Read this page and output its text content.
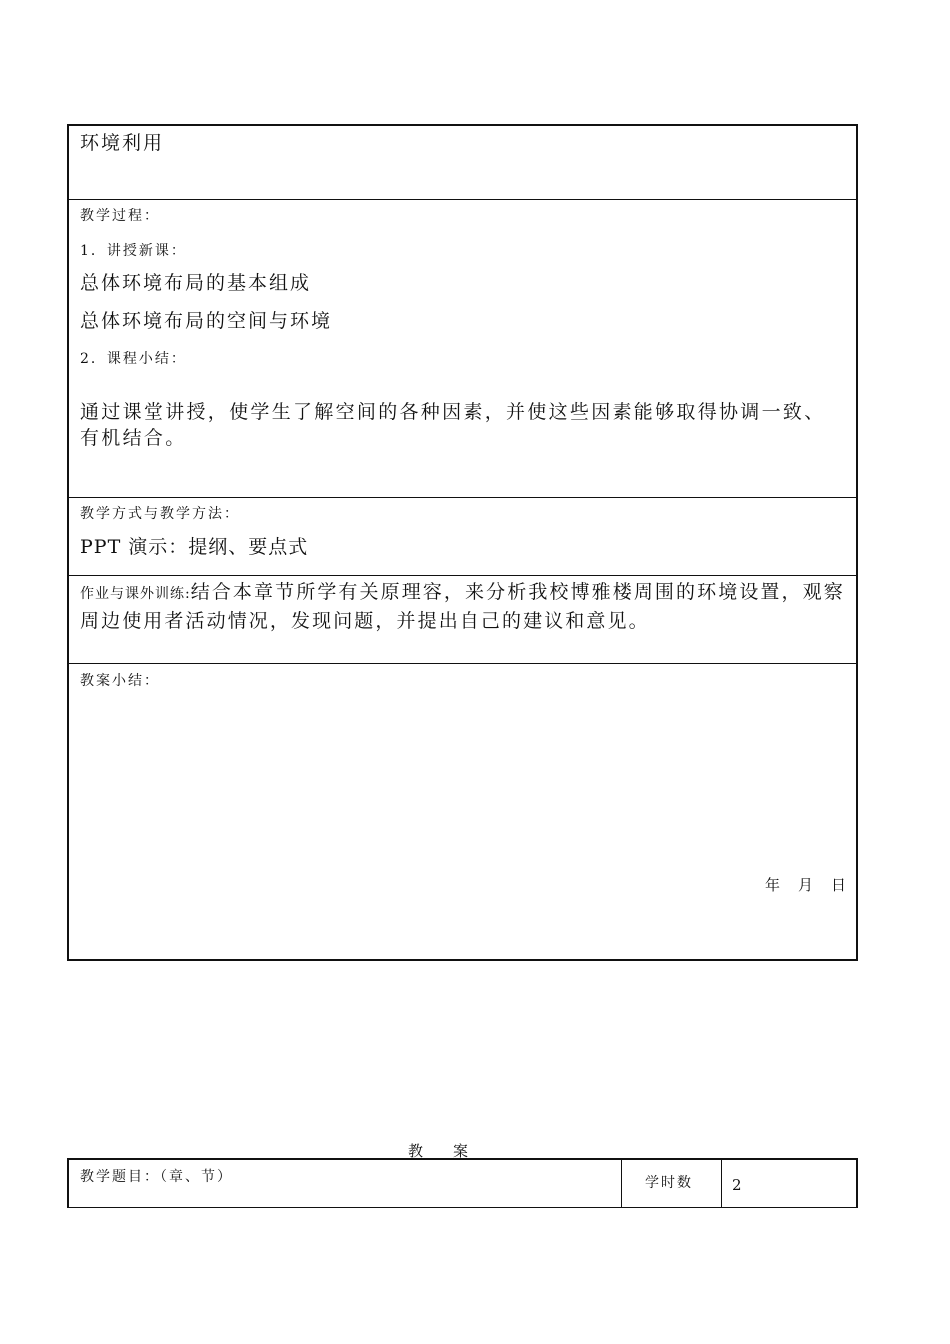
环境利用
教学过程：
1．讲授新课：
总体环境布局的基本组成
总体环境布局的空间与环境
2．课程小结：
通过课堂讲授，使学生了解空间的各种因素，并使这些因素能够取得协调一致、有机结合。
教学方式与教学方法：
PPT 演示：提纲、要点式
作业与课外训练:结合本章节所学有关原理容，来分析我校博雅楼周围的环境设置，观察周边使用者活动情况，发现问题，并提出自己的建议和意见。
教案小结：
年 月 日
教 案
教学题目：（章、节）	学时数	2
